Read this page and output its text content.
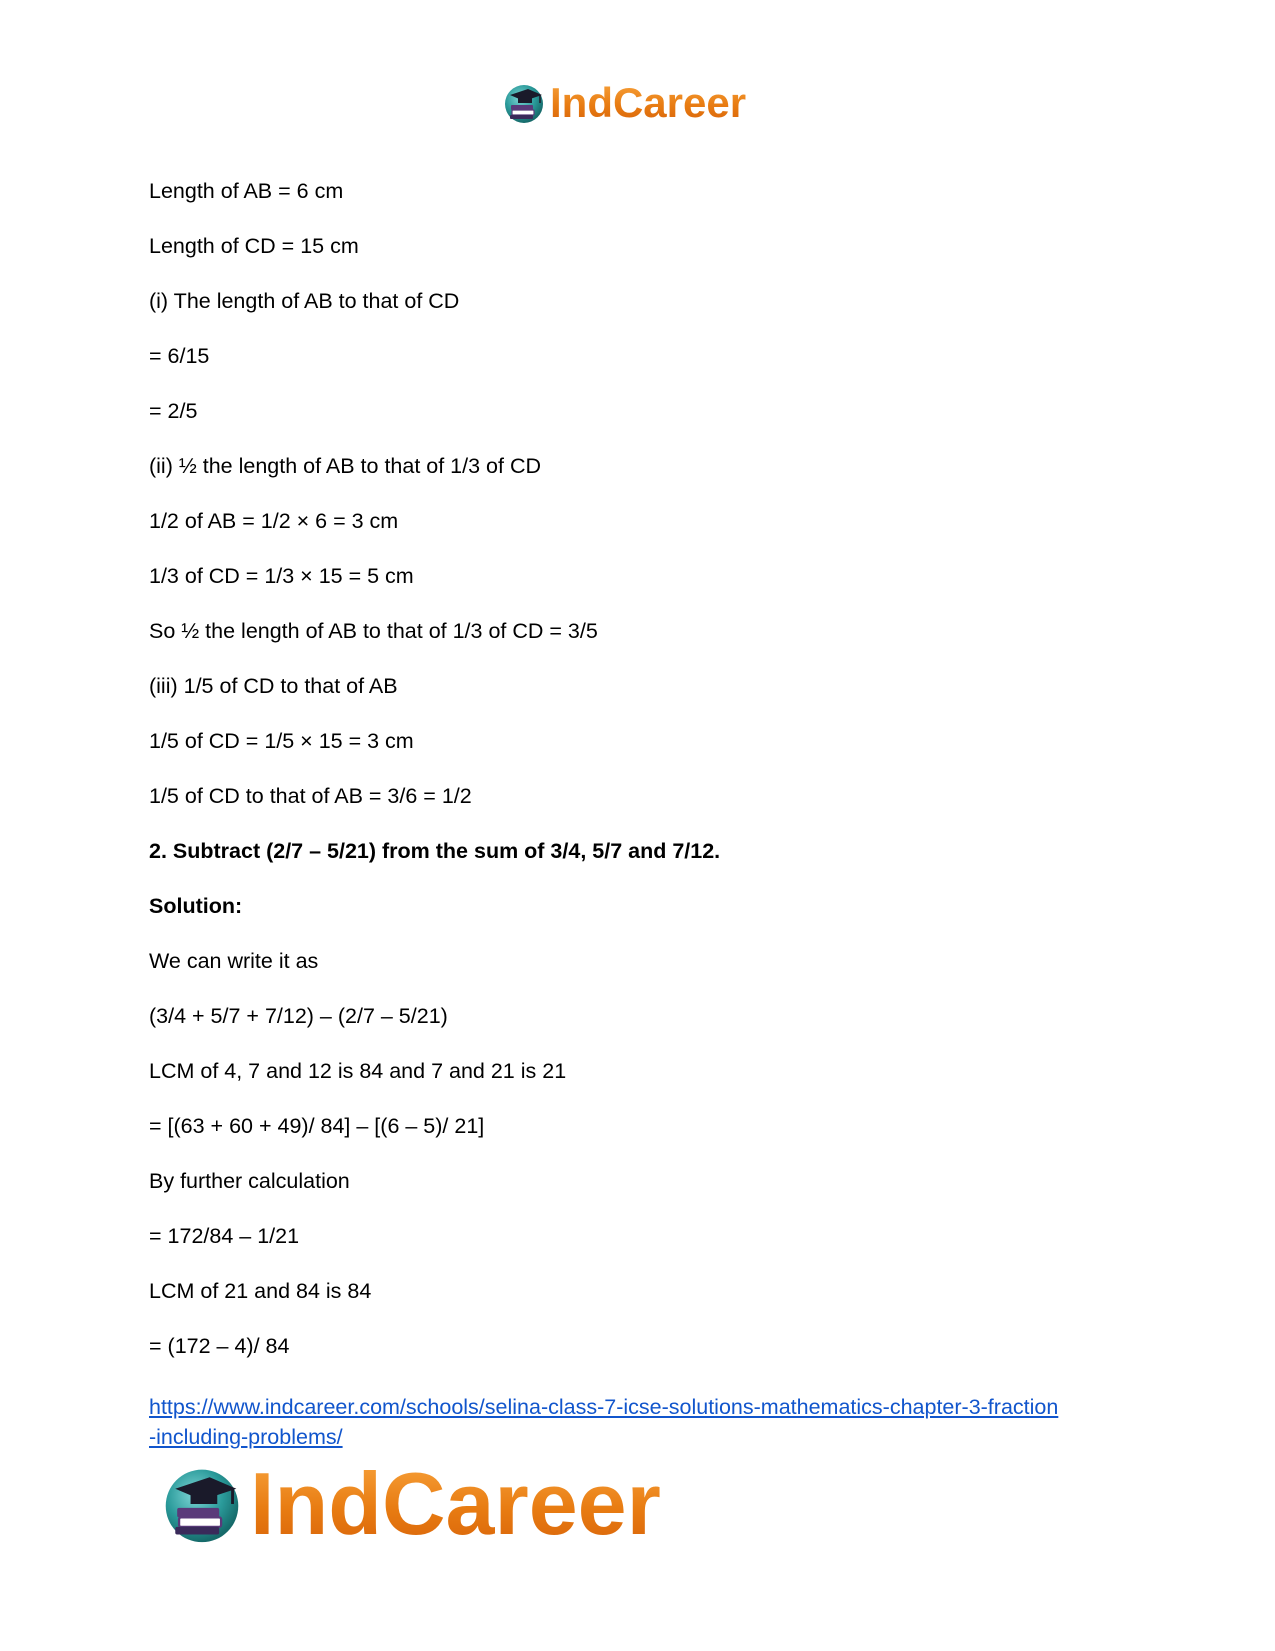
IndCareer
Length of AB = 6 cm
Length of CD = 15 cm
(i) The length of AB to that of CD
= 6/15
= 2/5
(ii) ½ the length of AB to that of 1/3 of CD
1/2 of AB = 1/2 × 6 = 3 cm
1/3 of CD = 1/3 × 15 = 5 cm
So ½ the length of AB to that of 1/3 of CD = 3/5
(iii) 1/5 of CD to that of AB
1/5 of CD = 1/5 × 15 = 3 cm
1/5 of CD to that of AB = 3/6 = 1/2
2. Subtract (2/7 – 5/21) from the sum of 3/4, 5/7 and 7/12.
Solution:
We can write it as
(3/4 + 5/7 + 7/12) – (2/7 – 5/21)
LCM of 4, 7 and 12 is 84 and 7 and 21 is 21
= [(63 + 60 + 49)/ 84] – [(6 – 5)/ 21]
By further calculation
= 172/84 – 1/21
LCM of 21 and 84 is 84
= (172 – 4)/ 84
https://www.indcareer.com/schools/selina-class-7-icse-solutions-mathematics-chapter-3-fraction
-including-problems/
IndCareer
